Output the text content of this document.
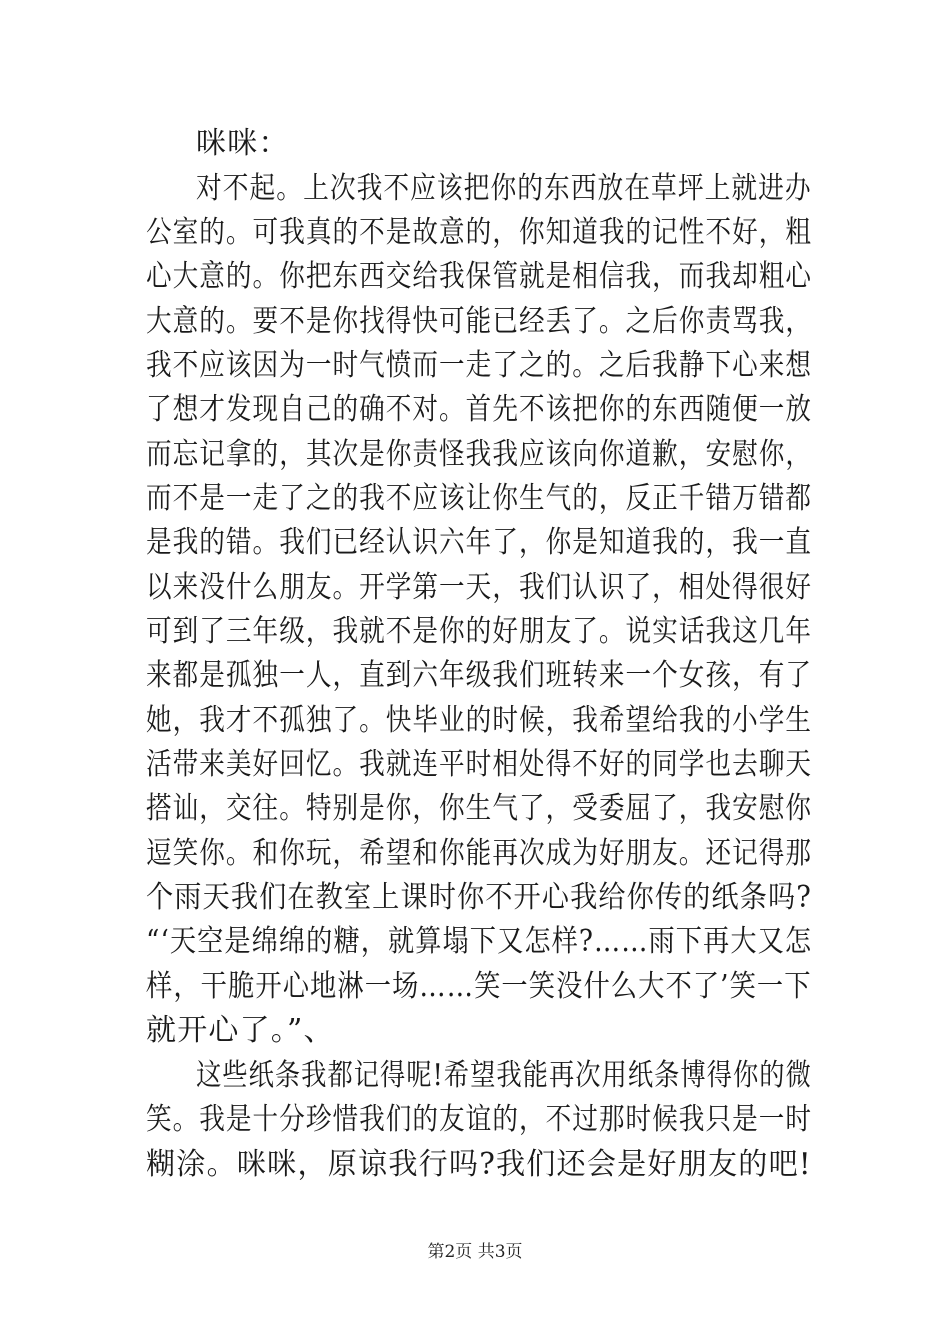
咪咪：
对不起。上次我不应该把你的东西放在草坪上就进办
公室的。可我真的不是故意的，你知道我的记性不好，粗
心大意的。你把东西交给我保管就是相信我，而我却粗心
大意的。要不是你找得快可能已经丢了。之后你责骂我，
我不应该因为一时气愤而一走了之的。之后我静下心来想
了想才发现自己的确不对。首先不该把你的东西随便一放
而忘记拿的，其次是你责怪我我应该向你道歉，安慰你，
而不是一走了之的我不应该让你生气的，反正千错万错都
是我的错。我们已经认识六年了，你是知道我的，我一直
以来没什么朋友。开学第一天，我们认识了，相处得很好
可到了三年级，我就不是你的好朋友了。说实话我这几年
来都是孤独一人，直到六年级我们班转来一个女孩，有了
她，我才不孤独了。快毕业的时候，我希望给我的小学生
活带来美好回忆。我就连平时相处得不好的同学也去聊天
搭讪，交往。特别是你，你生气了，受委屈了，我安慰你
逗笑你。和你玩，希望和你能再次成为好朋友。还记得那
个雨天我们在教室上课时你不开心我给你传的纸条吗?
“‘天空是绵绵的糖，就算塌下又怎样?……雨下再大又怎
样，干脆开心地淋一场……笑一笑没什么大不了’笑一下
就开心了。”、
这些纸条我都记得呢!希望我能再次用纸条博得你的微
笑。我是十分珍惜我们的友谊的，不过那时候我只是一时
糊涂。咪咪，原谅我行吗?我们还会是好朋友的吧!
第2页 共3页
